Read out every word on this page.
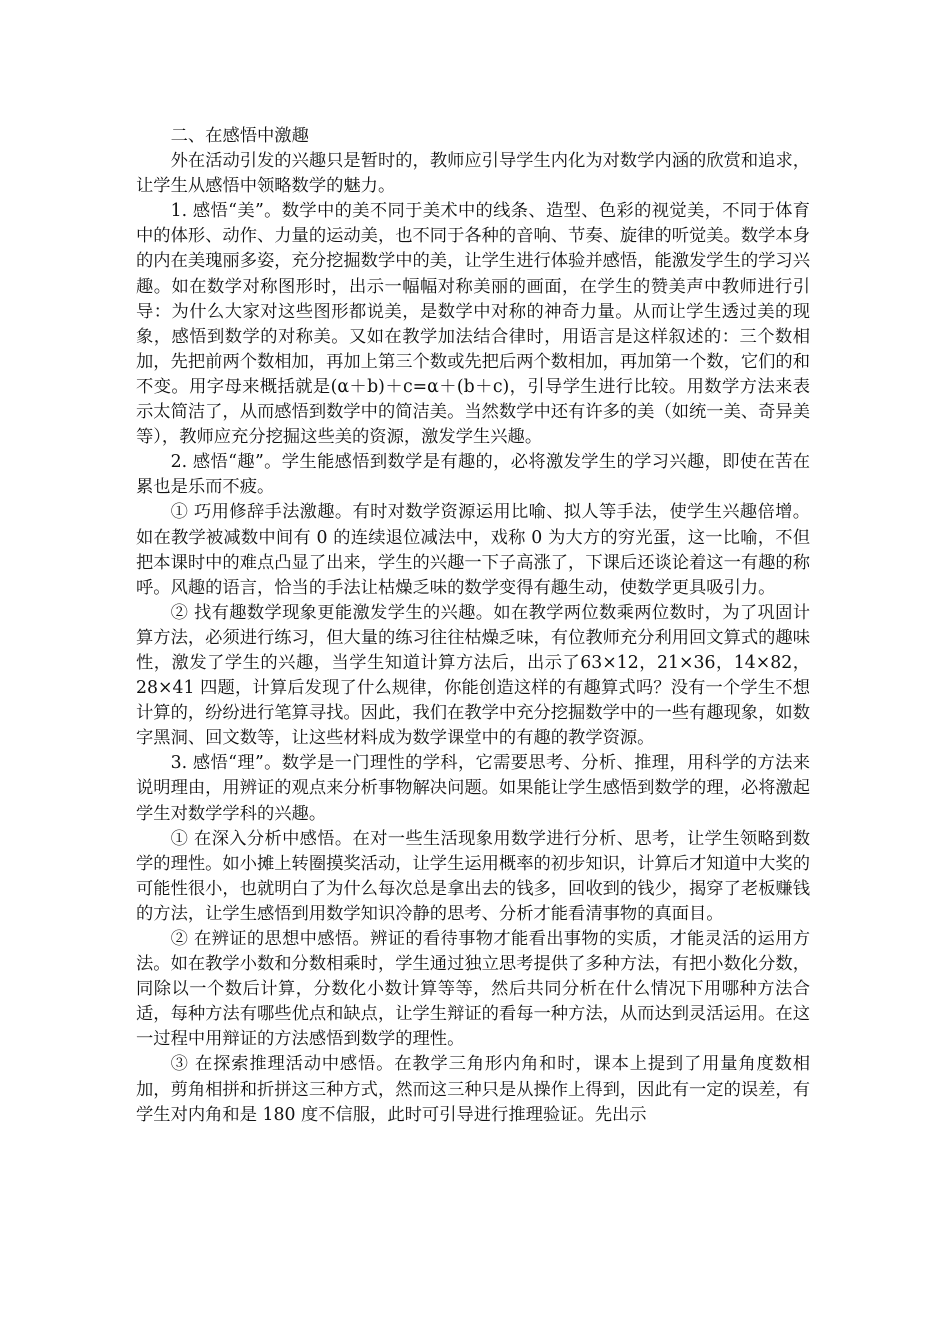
二、在感悟中激趣

外在活动引发的兴趣只是暂时的，教师应引导学生内化为对数学内涵的欣赏和追求，让学生从感悟中领略数学的魅力。

1. 感悟“美”。数学中的美不同于美术中的线条、造型、色彩的视觉美，不同于体育中的体形、动作、力量的运动美，也不同于各种的音响、节奏、旋律的听觉美。数学本身的内在美瑰丽多姿，充分挖掘数学中的美，让学生进行体验并感悟，能激发学生的学习兴趣。如在数学对称图形时，出示一幅幅对称美丽的画面，在学生的赞美声中教师进行引导：为什么大家对这些图形都说美，是数学中对称的神奇力量。从而让学生透过美的现象，感悟到数学的对称美。又如在教学加法结合律时，用语言是这样叙述的：三个数相加，先把前两个数相加，再加上第三个数或先把后两个数相加，再加第一个数，它们的和不变。用字母来概括就是(α＋b)＋c=α＋(b＋c)，引导学生进行比较。用数学方法来表示太简洁了，从而感悟到数学中的简洁美。当然数学中还有许多的美（如统一美、奇异美等），教师应充分挖掘这些美的资源，激发学生兴趣。

2. 感悟“趣”。学生能感悟到数学是有趣的，必将激发学生的学习兴趣，即使在苦在累也是乐而不疲。

① 巧用修辞手法激趣。有时对数学资源运用比喻、拟人等手法，使学生兴趣倍增。如在教学被减数中间有 0 的连续退位减法中，戏称 0 为大方的穷光蛋，这一比喻，不但把本课时中的难点凸显了出来，学生的兴趣一下子高涨了，下课后还谈论着这一有趣的称呼。风趣的语言，恰当的手法让枯燥乏味的数学变得有趣生动，使数学更具吸引力。

② 找有趣数学现象更能激发学生的兴趣。如在教学两位数乘两位数时，为了巩固计算方法，必须进行练习，但大量的练习往往枯燥乏味，有位教师充分利用回文算式的趣味性，激发了学生的兴趣，当学生知道计算方法后，出示了63×12，21×36，14×82，28×41 四题，计算后发现了什么规律，你能创造这样的有趣算式吗？没有一个学生不想计算的，纷纷进行笔算寻找。因此，我们在教学中充分挖掘数学中的一些有趣现象，如数字黑洞、回文数等，让这些材料成为数学课堂中的有趣的教学资源。

3. 感悟“理”。数学是一门理性的学科，它需要思考、分析、推理，用科学的方法来说明理由，用辨证的观点来分析事物解决问题。如果能让学生感悟到数学的理，必将激起学生对数学学科的兴趣。

① 在深入分析中感悟。在对一些生活现象用数学进行分析、思考，让学生领略到数学的理性。如小摊上转圈摸奖活动，让学生运用概率的初步知识，计算后才知道中大奖的可能性很小，也就明白了为什么每次总是拿出去的钱多，回收到的钱少，揭穿了老板赚钱的方法，让学生感悟到用数学知识冷静的思考、分析才能看清事物的真面目。

② 在辨证的思想中感悟。辨证的看待事物才能看出事物的实质，才能灵活的运用方法。如在教学小数和分数相乘时，学生通过独立思考提供了多种方法，有把小数化分数，同除以一个数后计算，分数化小数计算等等，然后共同分析在什么情况下用哪种方法合适，每种方法有哪些优点和缺点，让学生辩证的看每一种方法，从而达到灵活运用。在这一过程中用辩证的方法感悟到数学的理性。

③ 在探索推理活动中感悟。在教学三角形内角和时，课本上提到了用量角度数相加，剪角相拼和折拼这三种方式，然而这三种只是从操作上得到，因此有一定的误差，有学生对内角和是 180 度不信服，此时可引导进行推理验证。先出示
